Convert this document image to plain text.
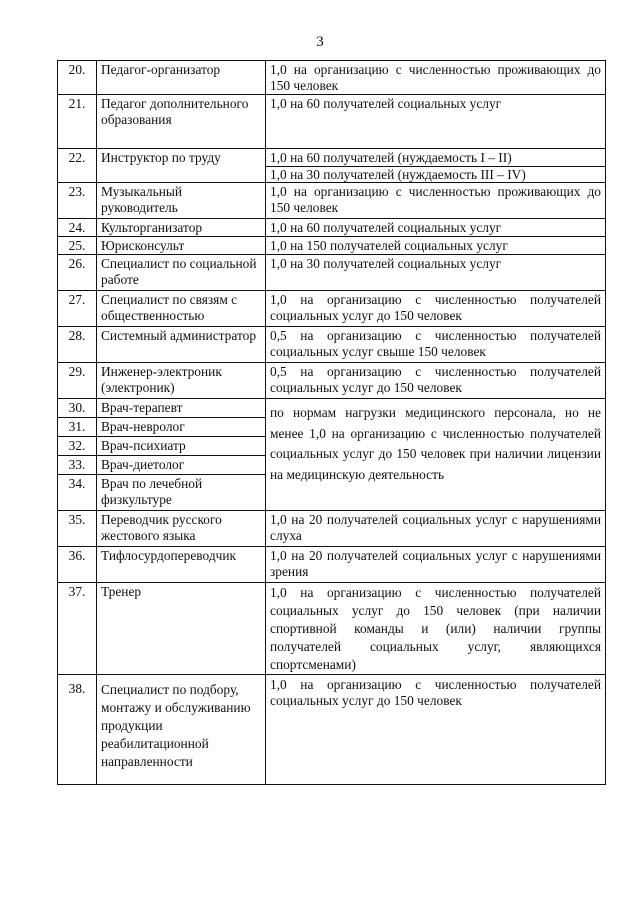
3
20.	Педагог-организатор	1,0 на организацию с численностью проживающих до 150 человек
21.	Педагог дополнительного образования	1,0 на 60 получателей социальных услуг
22.	Инструктор по труду	1,0 на 60 получателей (нуждаемость I – II)
1,0 на 30 получателей (нуждаемость III – IV)

23.	Музыкальный руководитель	1,0 на организацию с численностью проживающих до 150 человек
24.	Культорганизатор	1,0 на 60 получателей социальных услуг
25.	Юрисконсульт	1,0 на 150 получателей социальных услуг
26.	Специалист по социальной работе	1,0 на 30 получателей социальных услуг
27.	Специалист по связям с общественностью	1,0 на организацию с численностью получателей социальных услуг до 150 человек
28.	Системный администратор	0,5 на организацию с численностью получателей социальных услуг свыше 150 человек
29.	Инженер-электроник (электроник)	0,5 на организацию с численностью получателей социальных услуг до 150 человек
30.	Врач-терапевт	по нормам нагрузки медицинского персонала, но не менее 1,0 на организацию с численностью получателей социальных услуг до 150 человек при наличии лицензии на медицинскую деятельность
31.	Врач-невролог	
32.	Врач-психиатр	
33.	Врач-диетолог	
34.	Врач по лечебной физкультуре	
35.	Переводчик русского жестового языка	1,0 на 20 получателей социальных услуг с нарушениями слуха
36.	Тифлосурдопереводчик	1,0 на 20 получателей социальных услуг с нарушениями зрения
37.	Тренер	1,0 на организацию с численностью получателей социальных услуг до 150 человек (при наличии спортивной команды и (или) наличии группы получателей социальных услуг, являющихся спортсменами)
38.	Специалист по подбору, монтажу и обслуживанию продукции реабилитационной направленности	1,0 на организацию с численностью получателей социальных услуг до 150 человек
